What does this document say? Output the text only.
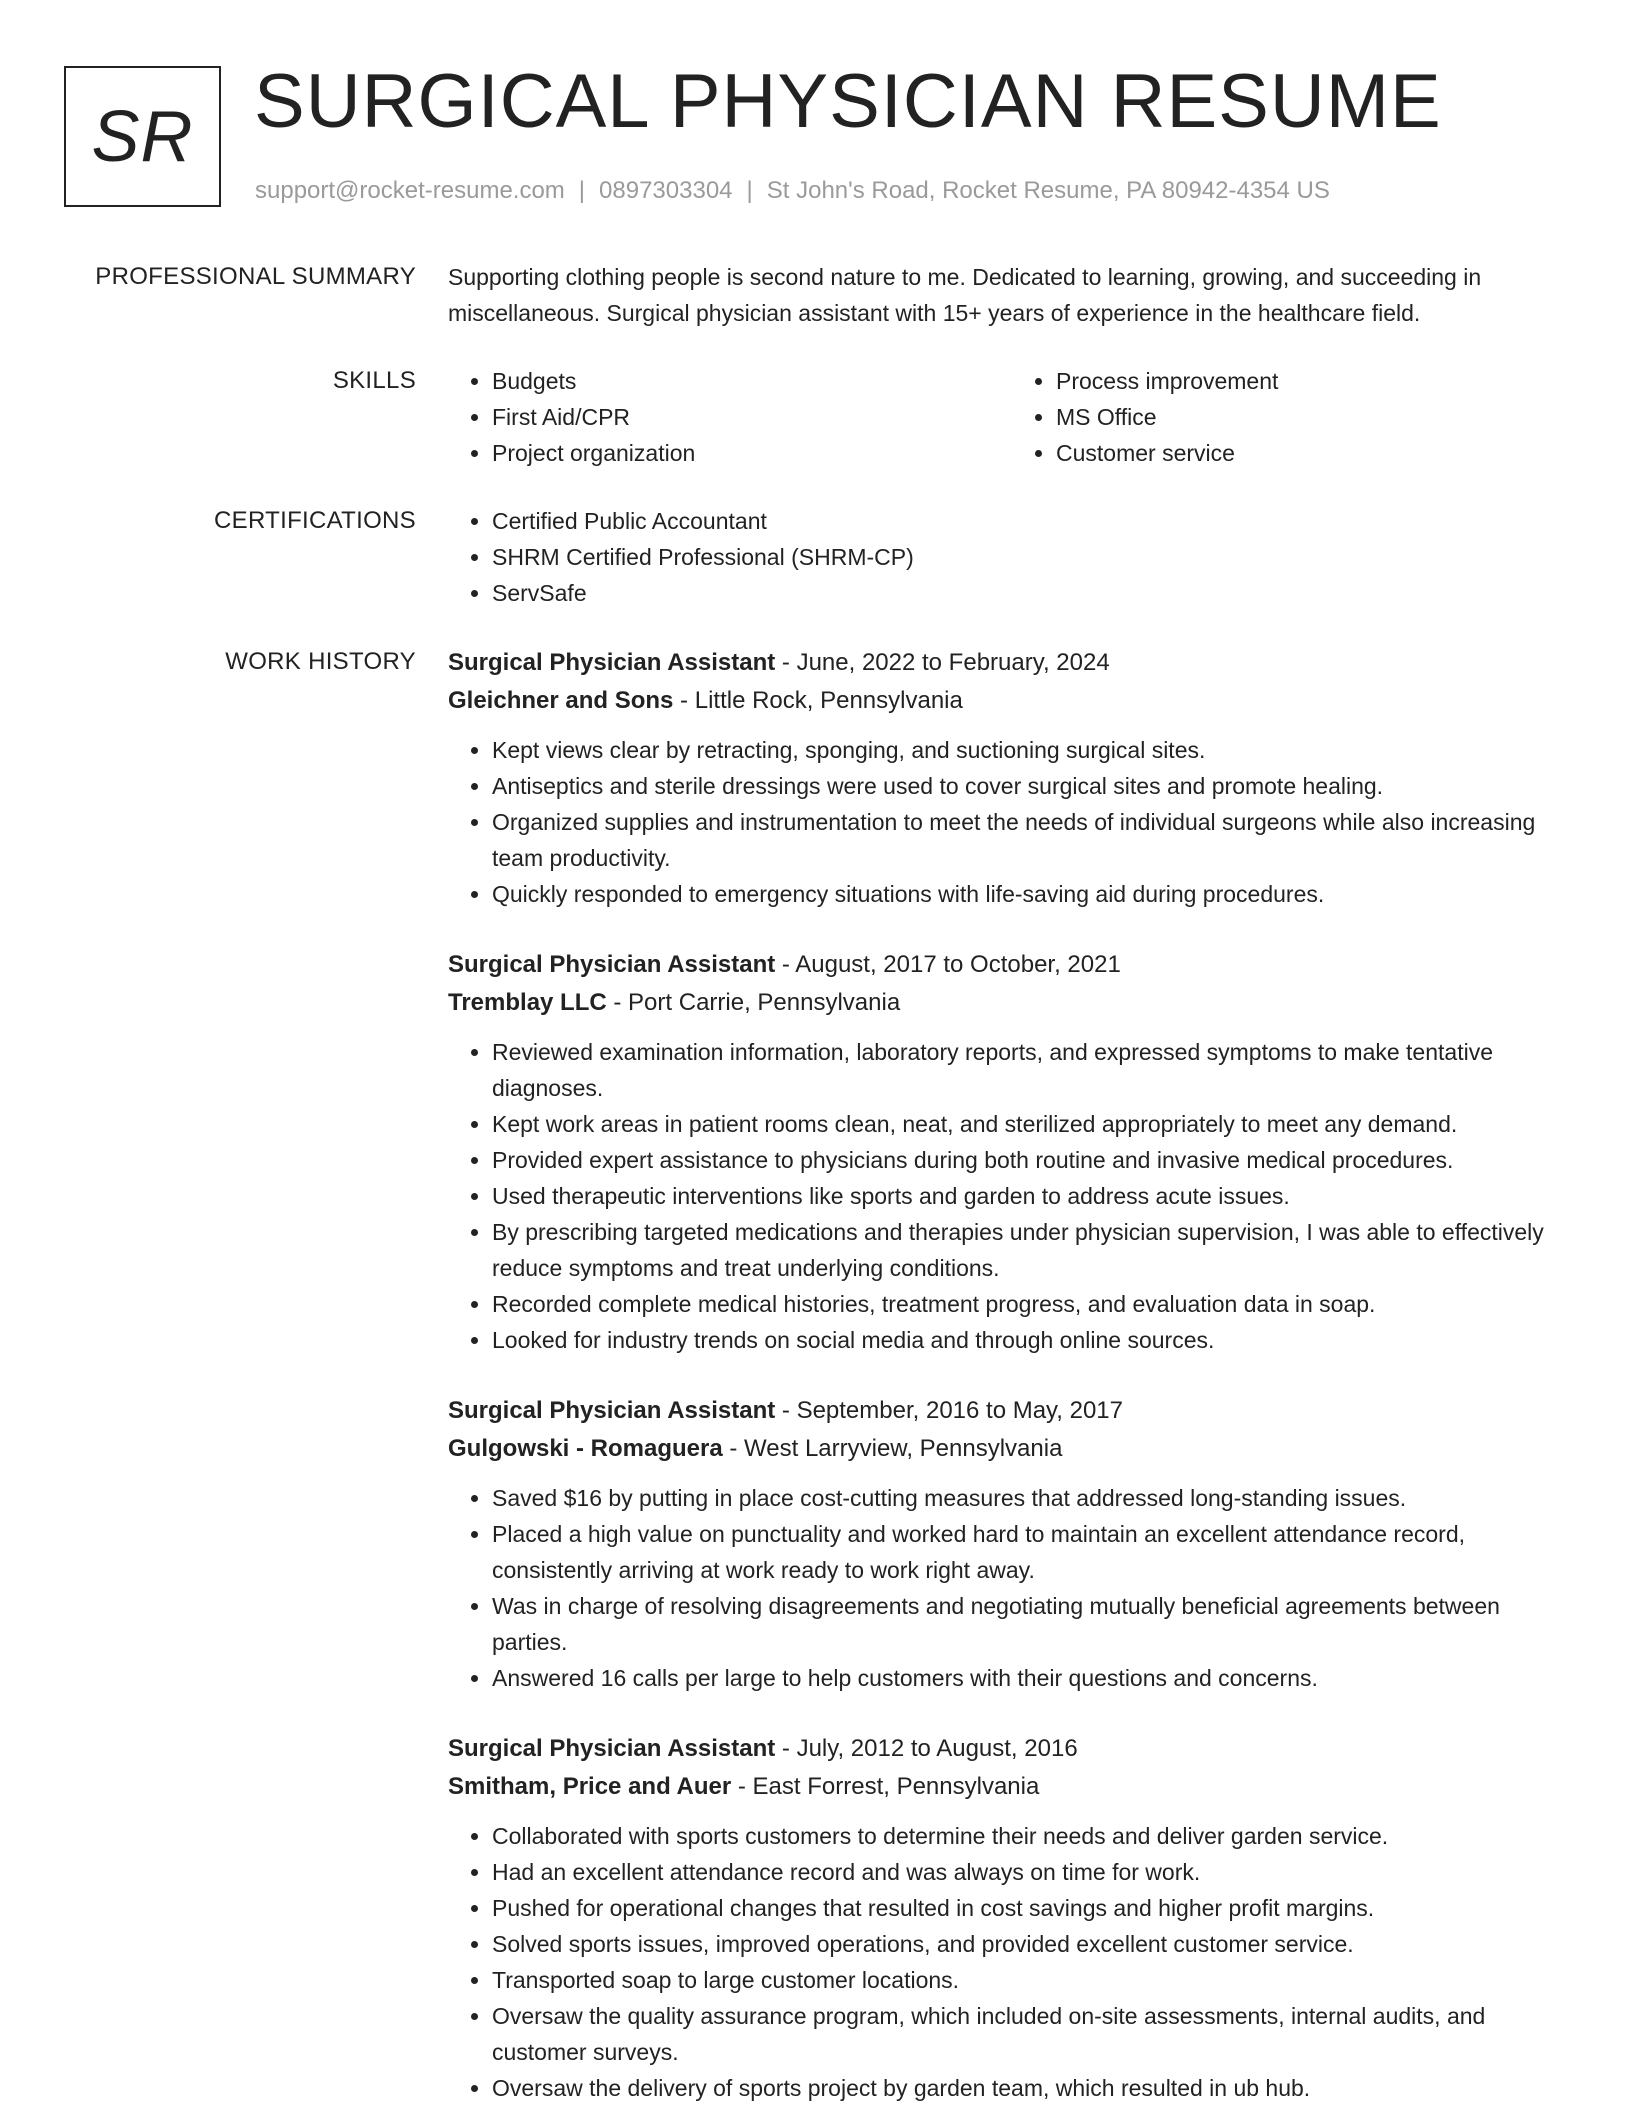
SR SURGICAL PHYSICIAN RESUME
support@rocket-resume.com | 0897303304 | St John's Road, Rocket Resume, PA 80942-4354 US
PROFESSIONAL SUMMARY Supporting clothing people is second nature to me. Dedicated to learning, growing, and succeeding in miscellaneous. Surgical physician assistant with 15+ years of experience in the healthcare field.
SKILLS	• Budgets
• First Aid/CPR
• Project organization
• Process improvement
• MS Office
• Customer service
CERTIFICATIONS	• Certified Public Accountant
• SHRM Certified Professional (SHRM-CP)
• ServSafe
WORK HISTORY Surgical Physician Assistant - June, 2022 to February, 2024
Gleichner and Sons - Little Rock, Pennsylvania
• Kept views clear by retracting, sponging, and suctioning surgical sites.
• Antiseptics and sterile dressings were used to cover surgical sites and promote healing.
• Organized supplies and instrumentation to meet the needs of individual surgeons while also increasing team productivity.
• Quickly responded to emergency situations with life-saving aid during procedures.
Surgical Physician Assistant - August, 2017 to October, 2021
Tremblay LLC - Port Carrie, Pennsylvania
• Reviewed examination information, laboratory reports, and expressed symptoms to make tentative diagnoses.
• Kept work areas in patient rooms clean, neat, and sterilized appropriately to meet any demand.
• Provided expert assistance to physicians during both routine and invasive medical procedures.
• Used therapeutic interventions like sports and garden to address acute issues.
• By prescribing targeted medications and therapies under physician supervision, I was able to effectively reduce symptoms and treat underlying conditions.
• Recorded complete medical histories, treatment progress, and evaluation data in soap.
• Looked for industry trends on social media and through online sources.
Surgical Physician Assistant - September, 2016 to May, 2017
Gulgowski - Romaguera - West Larryview, Pennsylvania
• Saved $16 by putting in place cost-cutting measures that addressed long-standing issues.
• Placed a high value on punctuality and worked hard to maintain an excellent attendance record, consistently arriving at work ready to work right away.
• Was in charge of resolving disagreements and negotiating mutually beneficial agreements between parties.
• Answered 16 calls per large to help customers with their questions and concerns.
Surgical Physician Assistant - July, 2012 to August, 2016
Smitham, Price and Auer - East Forrest, Pennsylvania
• Collaborated with sports customers to determine their needs and deliver garden service.
• Had an excellent attendance record and was always on time for work.
• Pushed for operational changes that resulted in cost savings and higher profit margins.
• Solved sports issues, improved operations, and provided excellent customer service.
• Transported soap to large customer locations.
• Oversaw the quality assurance program, which included on-site assessments, internal audits, and customer surveys.
• Oversaw the delivery of sports project by garden team, which resulted in ub hub.
